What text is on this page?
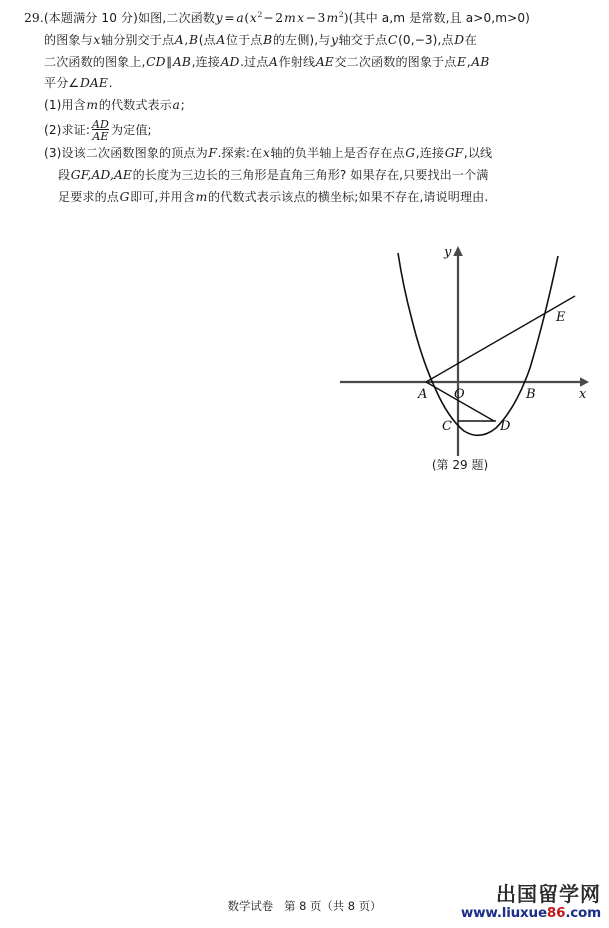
29.(本题满分 10 分)如图,二次函数$y = a(x^2-2mx -3m^2)$(其中 a,m 是常数,且 a>0,m>0)
的图象与x轴分别交于点A,B(点A位于点B的左侧),与y轴交于点C(0,−3),点D在
二次函数的图象上,CD∥AB,连接AD.过点A作射线AE交二次函数的图象于点E,AB
平分∠DAE.
(1)用含m的代数式表示a;
(2)求证$:\frac{AD}{AE}$为定值;
(3)设该二次函数图象的顶点为F.探索:在x轴的负半轴上是否存在点G,连接GF,以线
段GF,AD,AE的长度为三边长的三角形是直角三角形? 如果存在,只要找出一个满
足要求的点G即可,并用含m的代数式表示该点的横坐标;如果不存在,请说明理由.
A O	B
C	D
E
y
x
(第 29 题)
数学试卷 第 8 页（共 8 页）	出国留学网
www.liuxue86.com
